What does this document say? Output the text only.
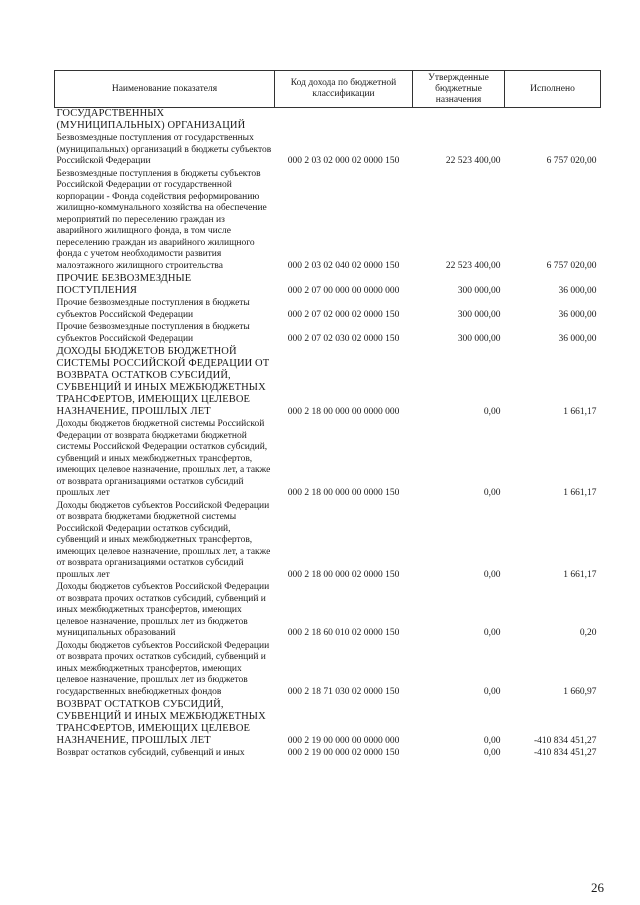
Наименование показателя	Код дохода по бюджетной классификации	Утвержденные бюджетные назначения	Исполнено
ГОСУДАРСТВЕННЫХ (МУНИЦИПАЛЬНЫХ) ОРГАНИЗАЦИЙ			
Безвозмездные поступления от государственных (муниципальных) организаций в бюджеты субъектов Российской Федерации	000 2 03 02 000 02 0000 150	22 523 400,00	6 757 020,00
Безвозмездные поступления в бюджеты субъектов Российской Федерации от государственной корпорации - Фонда содействия реформированию жилищно-коммунального хозяйства на обеспечение мероприятий по переселению граждан из аварийного жилищного фонда, в том числе переселению граждан из аварийного жилищного фонда с учетом необходимости развития малоэтажного жилищного строительства	000 2 03 02 040 02 0000 150	22 523 400,00	6 757 020,00
ПРОЧИЕ БЕЗВОЗМЕЗДНЫЕ ПОСТУПЛЕНИЯ	000 2 07 00 000 00 0000 000	300 000,00	36 000,00
Прочие безвозмездные поступления в бюджеты субъектов Российской Федерации	000 2 07 02 000 02 0000 150	300 000,00	36 000,00
Прочие безвозмездные поступления в бюджеты субъектов Российской Федерации	000 2 07 02 030 02 0000 150	300 000,00	36 000,00
ДОХОДЫ БЮДЖЕТОВ БЮДЖЕТНОЙ СИСТЕМЫ РОССИЙСКОЙ ФЕДЕРАЦИИ ОТ ВОЗВРАТА ОСТАТКОВ СУБСИДИЙ, СУБВЕНЦИЙ И ИНЫХ МЕЖБЮДЖЕТНЫХ ТРАНСФЕРТОВ, ИМЕЮЩИХ ЦЕЛЕВОЕ НАЗНАЧЕНИЕ, ПРОШЛЫХ ЛЕТ	000 2 18 00 000 00 0000 000	0,00	1 661,17
Доходы бюджетов бюджетной системы Российской Федерации от возврата бюджетами бюджетной системы Российской Федерации остатков субсидий, субвенций и иных межбюджетных трансфертов, имеющих целевое назначение, прошлых лет, а также от возврата организациями остатков субсидий прошлых лет	000 2 18 00 000 00 0000 150	0,00	1 661,17
Доходы бюджетов субъектов Российской Федерации от возврата бюджетами бюджетной системы Российской Федерации остатков субсидий, субвенций и иных межбюджетных трансфертов, имеющих целевое назначение, прошлых лет, а также от возврата организациями остатков субсидий прошлых лет	000 2 18 00 000 02 0000 150	0,00	1 661,17
Доходы бюджетов субъектов Российской Федерации от возврата прочих остатков субсидий, субвенций и иных межбюджетных трансфертов, имеющих целевое назначение, прошлых лет из бюджетов муниципальных образований	000 2 18 60 010 02 0000 150	0,00	0,20
Доходы бюджетов субъектов Российской Федерации от возврата прочих остатков субсидий, субвенций и иных межбюджетных трансфертов, имеющих целевое назначение, прошлых лет из бюджетов государственных внебюджетных фондов	000 2 18 71 030 02 0000 150	0,00	1 660,97
ВОЗВРАТ ОСТАТКОВ СУБСИДИЙ, СУБВЕНЦИЙ И ИНЫХ МЕЖБЮДЖЕТНЫХ ТРАНСФЕРТОВ, ИМЕЮЩИХ ЦЕЛЕВОЕ НАЗНАЧЕНИЕ, ПРОШЛЫХ ЛЕТ	000 2 19 00 000 00 0000 000	0,00	-410 834 451,27
Возврат остатков субсидий, субвенций и иных	000 2 19 00 000 02 0000 150	0,00	-410 834 451,27
26
